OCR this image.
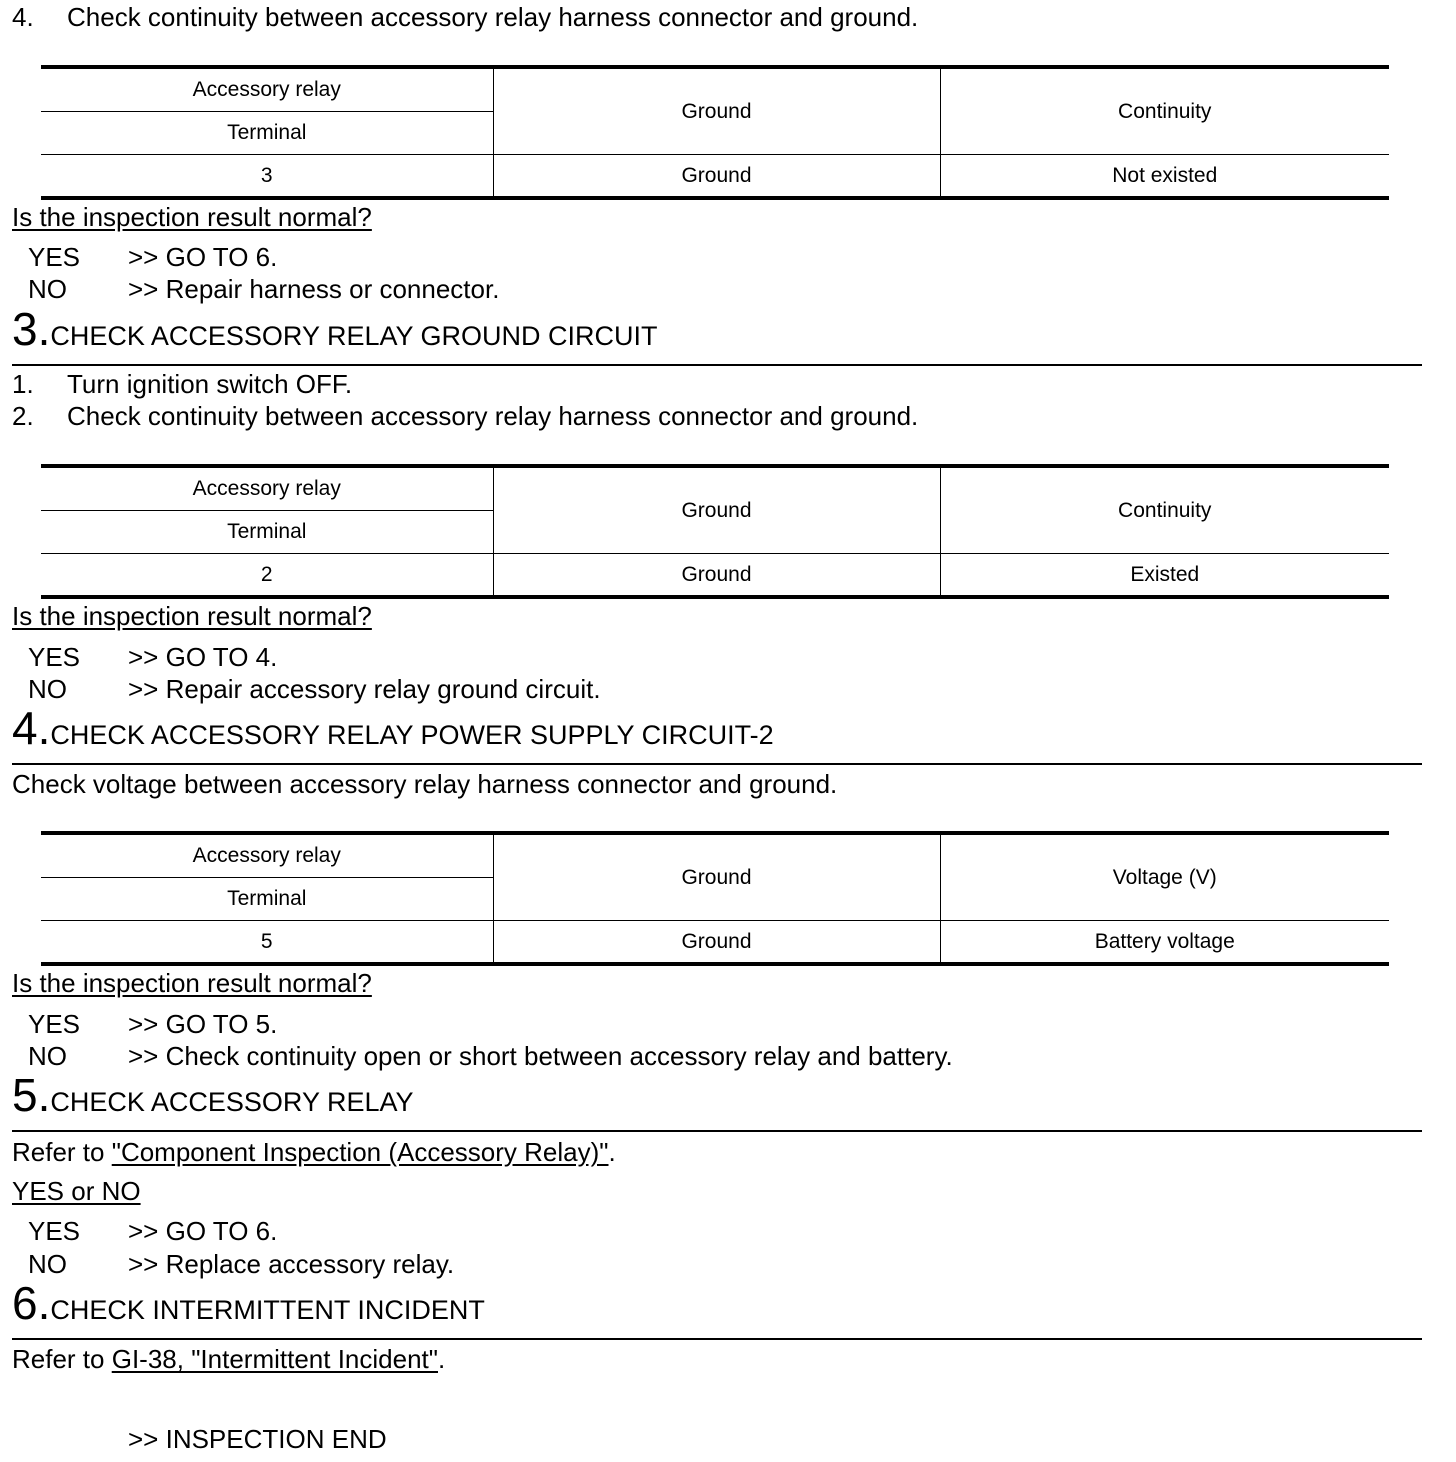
4. Check continuity between accessory relay harness connector and ground.
Accessory relay	Ground	Continuity
Terminal		
3	Ground	Not existed
Is the inspection result normal?
YES >> GO TO 6.
NO >> Repair harness or connector.
3.CHECK ACCESSORY RELAY GROUND CIRCUIT
1. Turn ignition switch OFF.
2. Check continuity between accessory relay harness connector and ground.
Accessory relay	Ground	Continuity
Terminal		
2	Ground	Existed
Is the inspection result normal?
YES >> GO TO 4.
NO >> Repair accessory relay ground circuit.
4.CHECK ACCESSORY RELAY POWER SUPPLY CIRCUIT-2
Check voltage between accessory relay harness connector and ground.
Accessory relay	Ground	Voltage (V)
Terminal		
5	Ground	Battery voltage
Is the inspection result normal?
YES >> GO TO 5.
NO >> Check continuity open or short between accessory relay and battery.
5.CHECK ACCESSORY RELAY
Refer to "Component Inspection (Accessory Relay)".
YES or NO
YES >> GO TO 6.
NO >> Replace accessory relay.
6.CHECK INTERMITTENT INCIDENT
Refer to GI-38, "Intermittent Incident".
>> INSPECTION END
